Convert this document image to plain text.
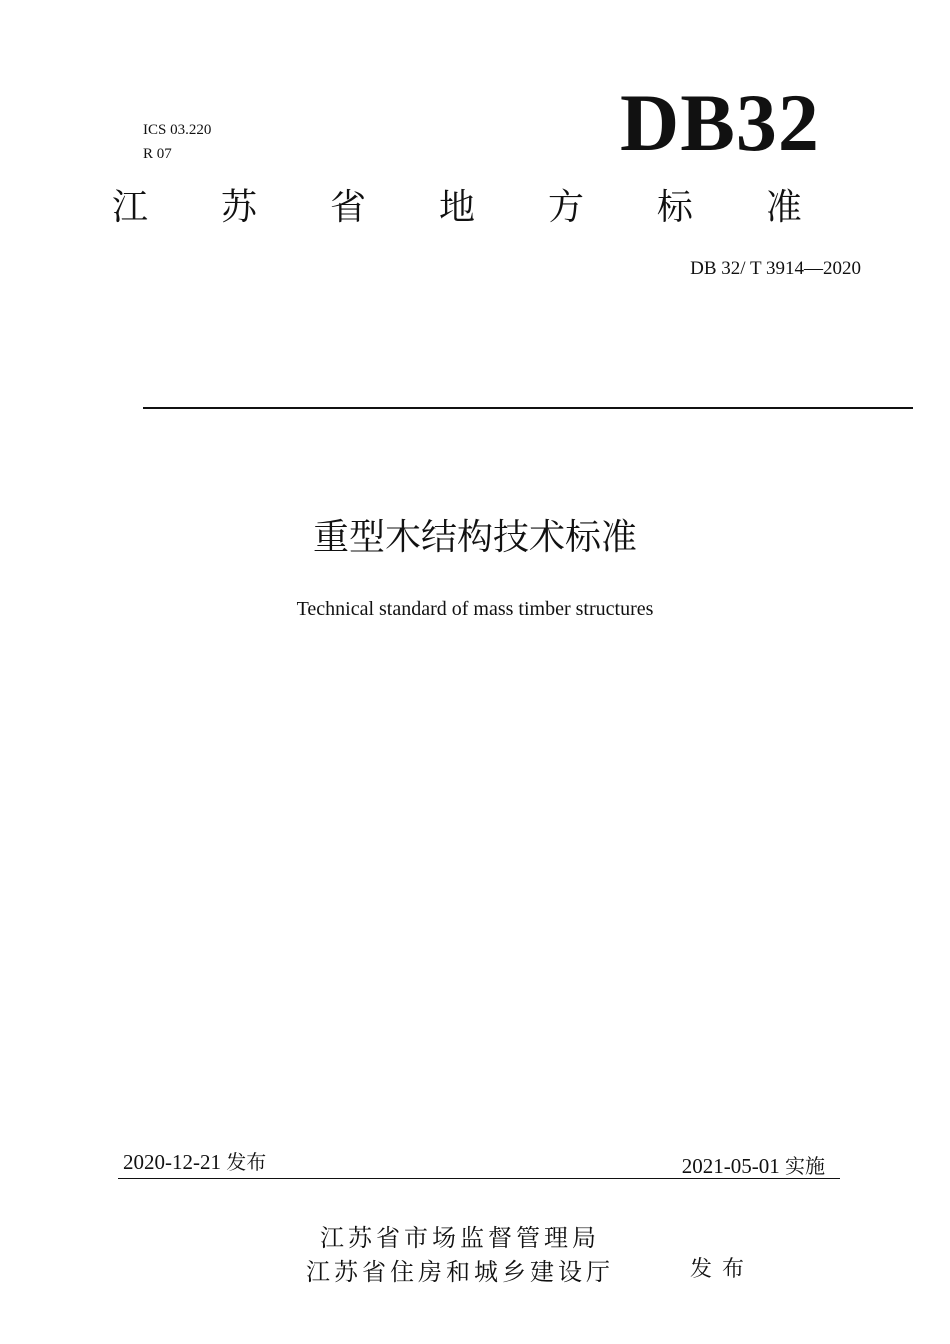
ICS 03.220
R 07	DB32
江 苏 省 地 方 标 准
DB 32/ T 3914—2020
重型木结构技术标准
Technical standard of mass timber structures
2020-12-21 发布	2021-05-01 实施
江苏省市场监督管理局
江苏省住房和城乡建设厅	发布
